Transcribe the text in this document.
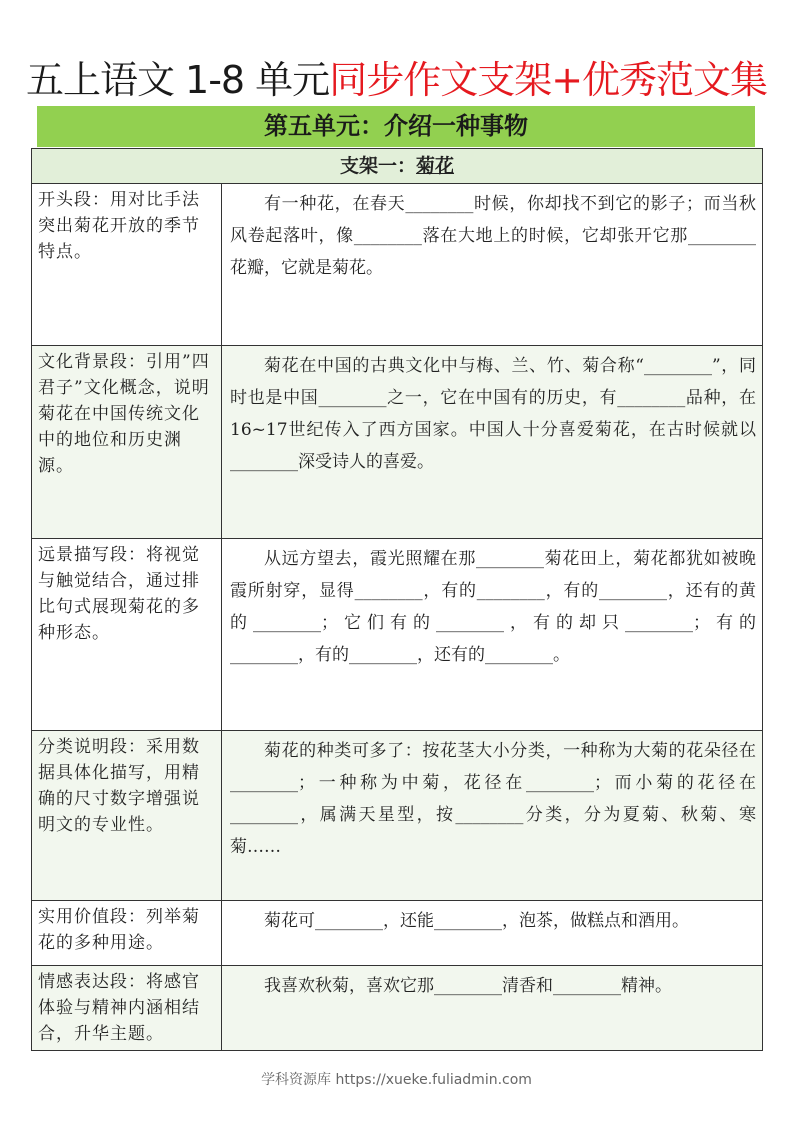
五上语文 1-8 单元同步作文支架+优秀范文集
第五单元：介绍一种事物
支架一：菊花	
开头段：用对比手法突出菊花开放的季节特点。	有一种花，在春天________时候，你却找不到它的影子；而当秋风卷起落叶，像________落在大地上的时候，它却张开它那________花瓣，它就是菊花。

文化背景段：引用”四君子”文化概念，说明菊花在中国传统文化中的地位和历史渊源。	菊花在中国的古典文化中与梅、兰、竹、菊合称“________”，同时也是中国________之一，它在中国有的历史，有________品种，在16~17世纪传入了西方国家。中国人十分喜爱菊花，在古时候就以________深受诗人的喜爱。

远景描写段：将视觉与触觉结合，通过排比句式展现菊花的多种形态。	从远方望去，霞光照耀在那________菊花田上，菊花都犹如被晚霞所射穿，显得________，有的________，有的________，还有的黄的________；它们有的________，有的却只________；有的________，有的________，还有的________。

分类说明段：采用数据具体化描写，用精确的尺寸数字增强说明文的专业性。	菊花的种类可多了：按花茎大小分类，一种称为大菊的花朵径在________；一种称为中菊，花径在________；而小菊的花径在________，属满天星型，按________分类，分为夏菊、秋菊、寒菊……

实用价值段：列举菊花的多种用途。	菊花可________，还能________，泡茶，做糕点和酒用。

情感表达段：将感官体验与精神内涵相结合，升华主题。	我喜欢秋菊，喜欢它那________清香和________精神。

学科资源库 https://xueke.fuliadmin.com
